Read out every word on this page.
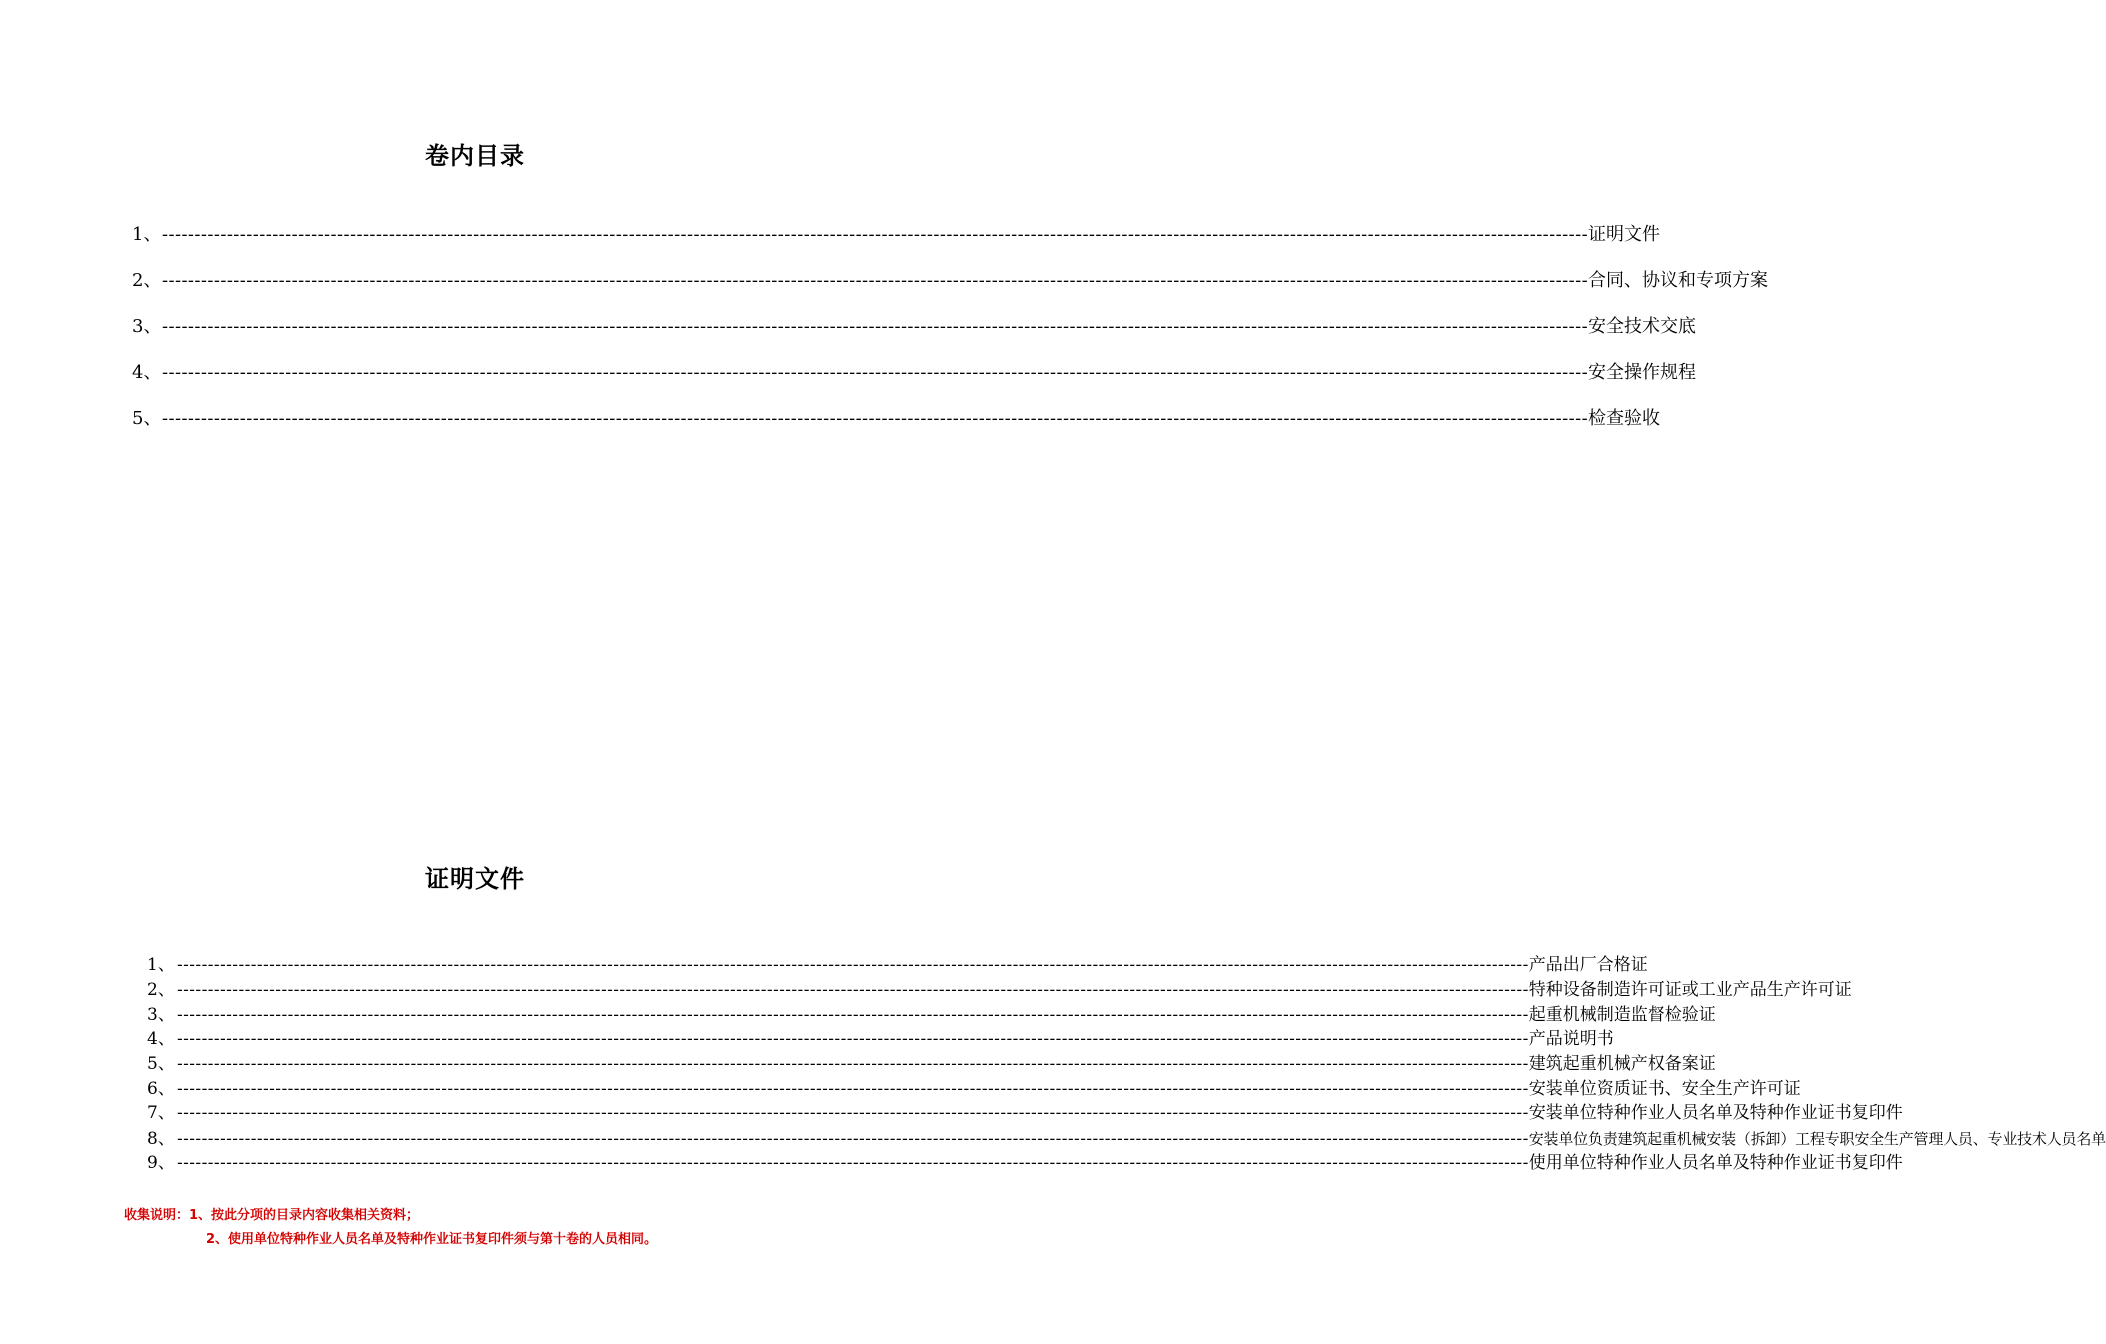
卷内目录
1、 ---------------------------------------------------------------------------------------------------------------------------------------------------------------------------------------------------------------------------- 证明文件
2、 ---------------------------------------------------------------------------------------------------------------------------------------------------------------------------------------------------------------------------- 合同、协议和专项方案
3、 ---------------------------------------------------------------------------------------------------------------------------------------------------------------------------------------------------------------------------- 安全技术交底
4、 ---------------------------------------------------------------------------------------------------------------------------------------------------------------------------------------------------------------------------- 安全操作规程
5、 ---------------------------------------------------------------------------------------------------------------------------------------------------------------------------------------------------------------------------- 检查验收
证明文件
1、 ---------------------------------------------------------------------------------------------------------------------------------------------------------------------------------------------------------------------------- 产品出厂合格证
2、 ---------------------------------------------------------------------------------------------------------------------------------------------------------------------------------------------------------------------------- 特种设备制造许可证或工业产品生产许可证
3、 ---------------------------------------------------------------------------------------------------------------------------------------------------------------------------------------------------------------------------- 起重机械制造监督检验证
4、 ---------------------------------------------------------------------------------------------------------------------------------------------------------------------------------------------------------------------------- 产品说明书
5、 ---------------------------------------------------------------------------------------------------------------------------------------------------------------------------------------------------------------------------- 建筑起重机械产权备案证
6、 ---------------------------------------------------------------------------------------------------------------------------------------------------------------------------------------------------------------------------- 安装单位资质证书、安全生产许可证
7、 ---------------------------------------------------------------------------------------------------------------------------------------------------------------------------------------------------------------------------- 安装单位特种作业人员名单及特种作业证书复印件
8、 ---------------------------------------------------------------------------------------------------------------------------------------------------------------------------------------------------------------------------- 安装单位负责建筑起重机械安装（拆卸）工程专职安全生产管理人员、专业技术人员名单
9、 ---------------------------------------------------------------------------------------------------------------------------------------------------------------------------------------------------------------------------- 使用单位特种作业人员名单及特种作业证书复印件
收集说明：1、按此分项的目录内容收集相关资料；
2、使用单位特种作业人员名单及特种作业证书复印件须与第十卷的人员相同。
